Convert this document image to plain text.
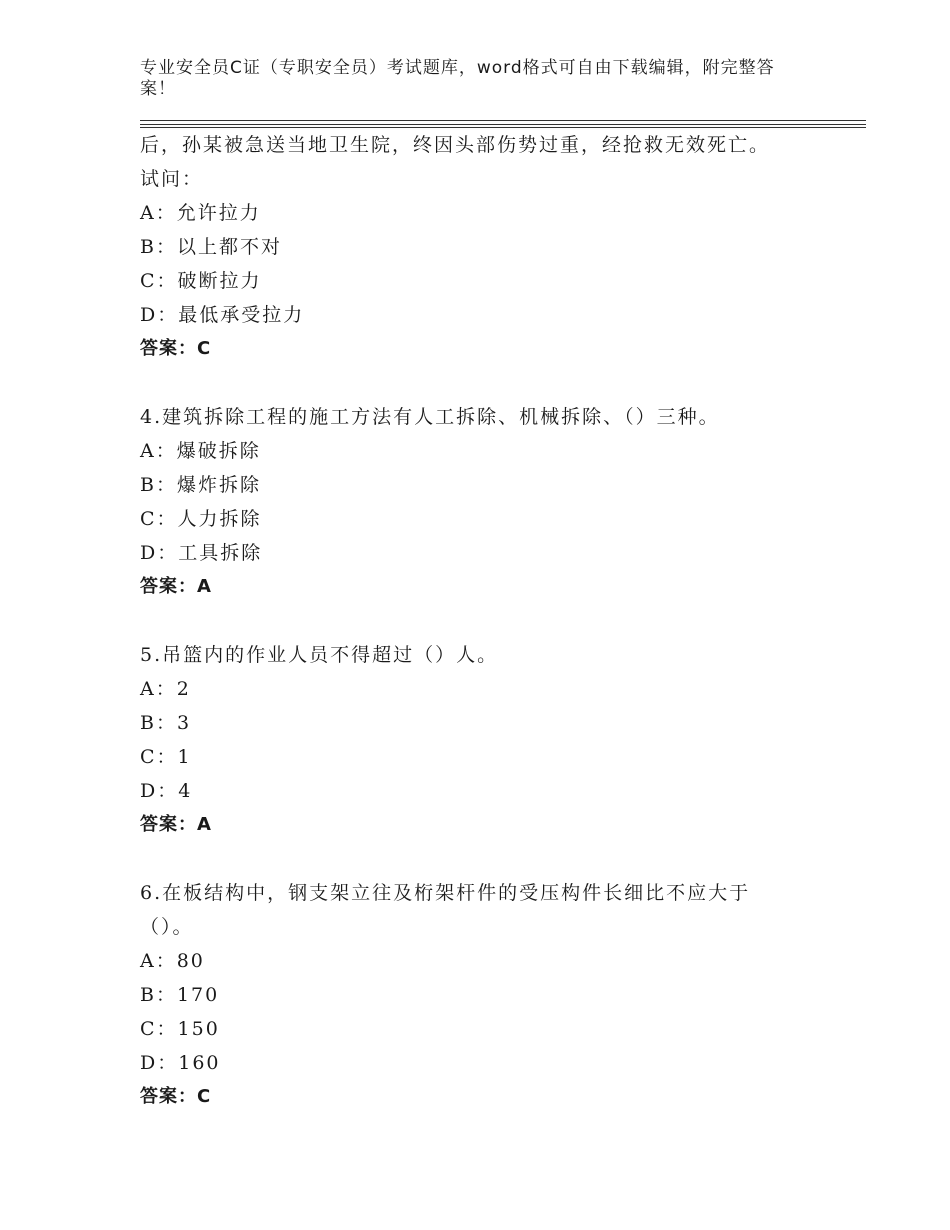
专业安全员C证（专职安全员）考试题库，word格式可自由下载编辑，附完整答案！
后，孙某被急送当地卫生院，终因头部伤势过重，经抢救无效死亡。
试问：
A：允许拉力
B：以上都不对
C：破断拉力
D：最低承受拉力
答案：C
4.建筑拆除工程的施工方法有人工拆除、机械拆除、（）三种。
A：爆破拆除
B：爆炸拆除
C：人力拆除
D：工具拆除
答案：A
5.吊篮内的作业人员不得超过（）人。
A：2
B：3
C：1
D：4
答案：A
6.在板结构中，钢支架立往及桁架杆件的受压构件长细比不应大于
（）。
A：80
B：170
C：150
D：160
答案：C
